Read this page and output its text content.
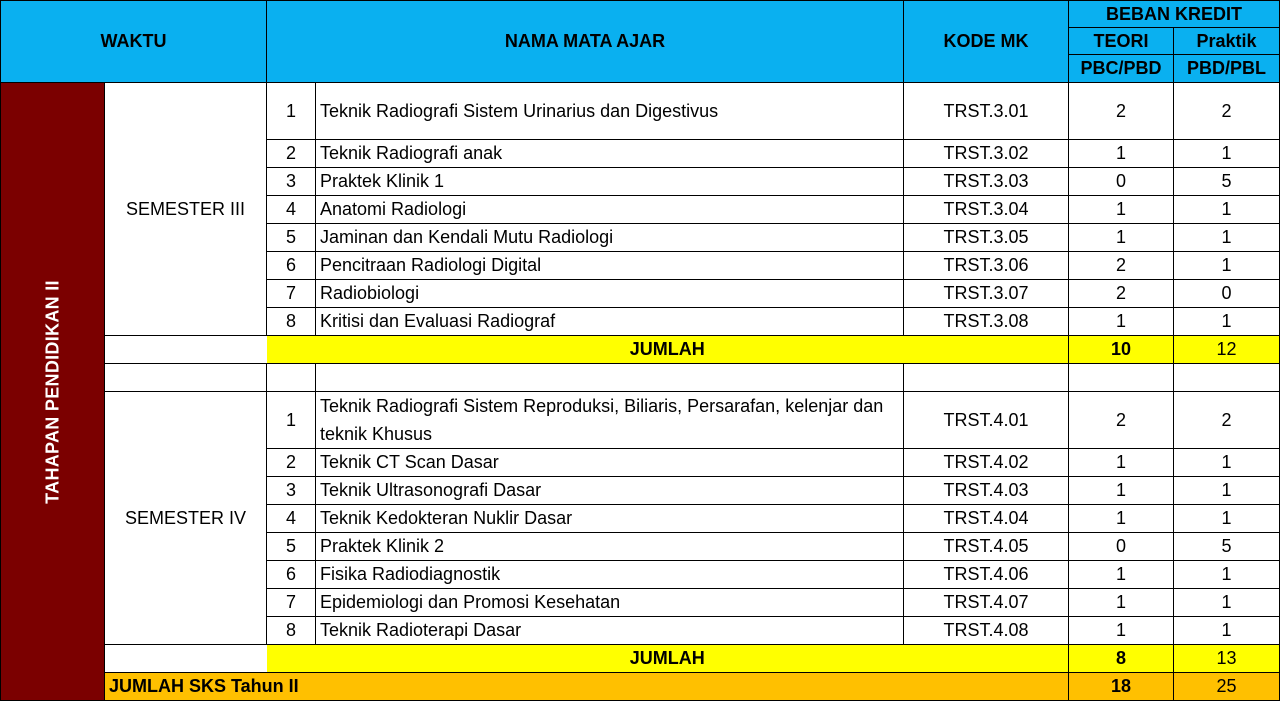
WAKTU		NAMA MATA AJAR		KODE MK	BEBAN KREDIT	
					TEORI	Praktik
					PBC/PBD	PBD/PBL

TAHAPAN PENDIDIKAN II	SEMESTER III	1	Teknik Radiografi Sistem Urinarius dan Digestivus	TRST.3.01	2	2
		2	Teknik Radiografi anak	TRST.3.02	1	1
		3	Praktek Klinik 1	TRST.3.03	0	5
		4	Anatomi Radiologi	TRST.3.04	1	1
		5	Jaminan dan Kendali Mutu Radiologi	TRST.3.05	1	1
		6	Pencitraan Radiologi Digital	TRST.3.06	2	1
		7	Radiobiologi	TRST.3.07	2	0
		8	Kritisi dan Evaluasi Radiograf	TRST.3.08	1	1
		JUMLAH			10	12

	SEMESTER IV	1	Teknik Radiografi Sistem Reproduksi, Biliaris, Persarafan, kelenjar dan teknik Khusus	TRST.4.01	2	2
		2	Teknik CT Scan Dasar	TRST.4.02	1	1
		3	Teknik Ultrasonografi Dasar	TRST.4.03	1	1
		4	Teknik Kedokteran Nuklir Dasar	TRST.4.04	1	1
		5	Praktek Klinik 2	TRST.4.05	0	5
		6	Fisika Radiodiagnostik	TRST.4.06	1	1
		7	Epidemiologi dan Promosi Kesehatan	TRST.4.07	1	1
		8	Teknik Radioterapi Dasar	TRST.4.08	1	1
		JUMLAH			8	13
	JUMLAH SKS Tahun II				18	25
